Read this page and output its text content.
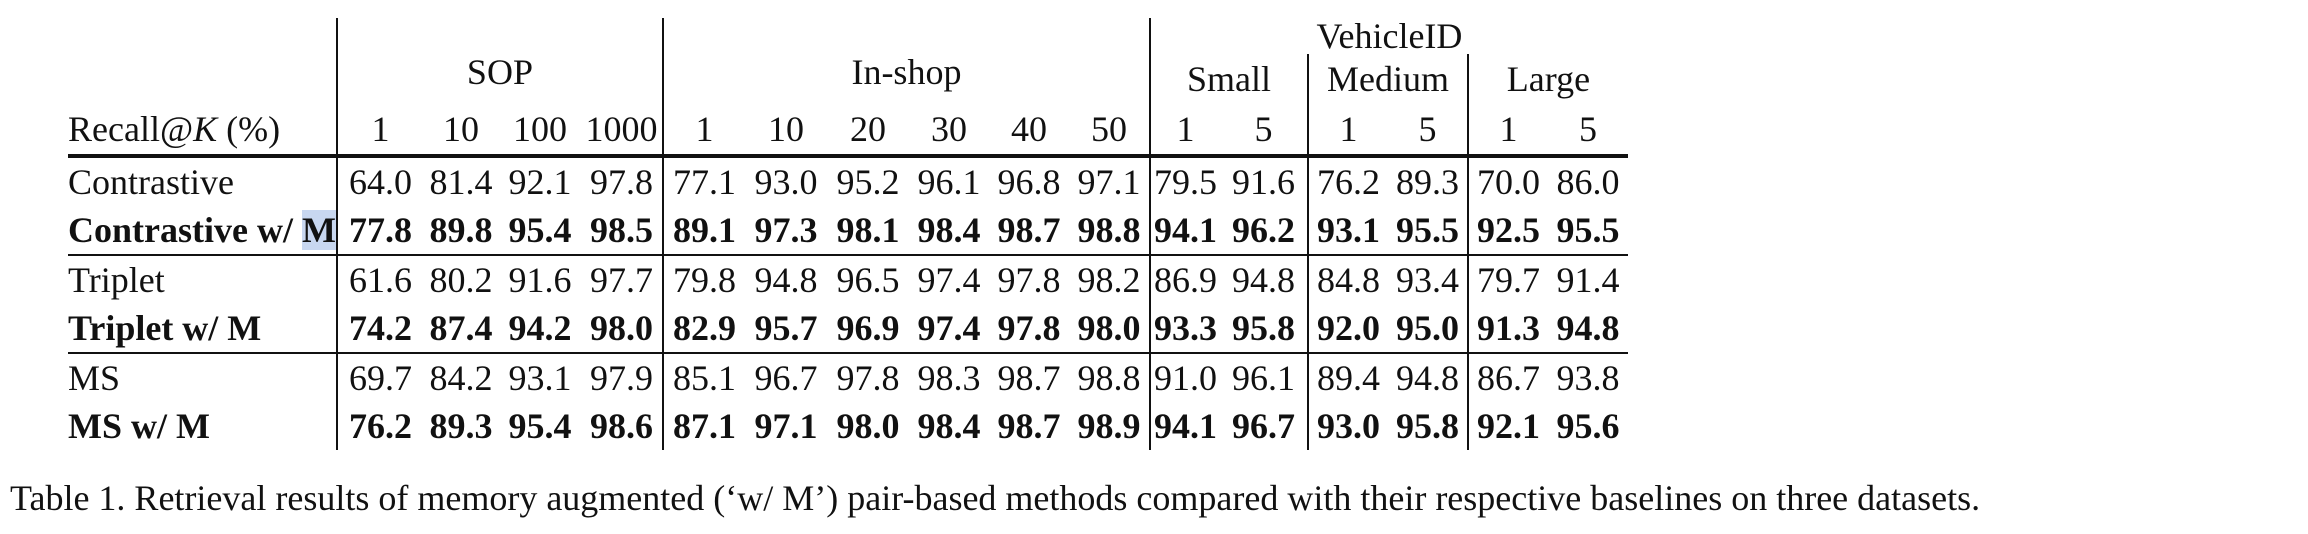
											VehicleID					
	SOP				In-shop						Small		Medium		Large	
Recall@K (%)	1	10	100	1000	1	10	20	30	40	50	1	5	1	5	1	5
Contrastive	64.0	81.4	92.1	97.8	77.1	93.0	95.2	96.1	96.8	97.1	79.5	91.6	76.2	89.3	70.0	86.0
Contrastive w/ M	77.8	89.8	95.4	98.5	89.1	97.3	98.1	98.4	98.7	98.8	94.1	96.2	93.1	95.5	92.5	95.5
Triplet	61.6	80.2	91.6	97.7	79.8	94.8	96.5	97.4	97.8	98.2	86.9	94.8	84.8	93.4	79.7	91.4
Triplet w/ M	74.2	87.4	94.2	98.0	82.9	95.7	96.9	97.4	97.8	98.0	93.3	95.8	92.0	95.0	91.3	94.8
MS	69.7	84.2	93.1	97.9	85.1	96.7	97.8	98.3	98.7	98.8	91.0	96.1	89.4	94.8	86.7	93.8
MS w/ M	76.2	89.3	95.4	98.6	87.1	97.1	98.0	98.4	98.7	98.9	94.1	96.7	93.0	95.8	92.1	95.6
Table 1. Retrieval results of memory augmented (‘w/ M’) pair-based methods compared with their respective baselines on three datasets.
